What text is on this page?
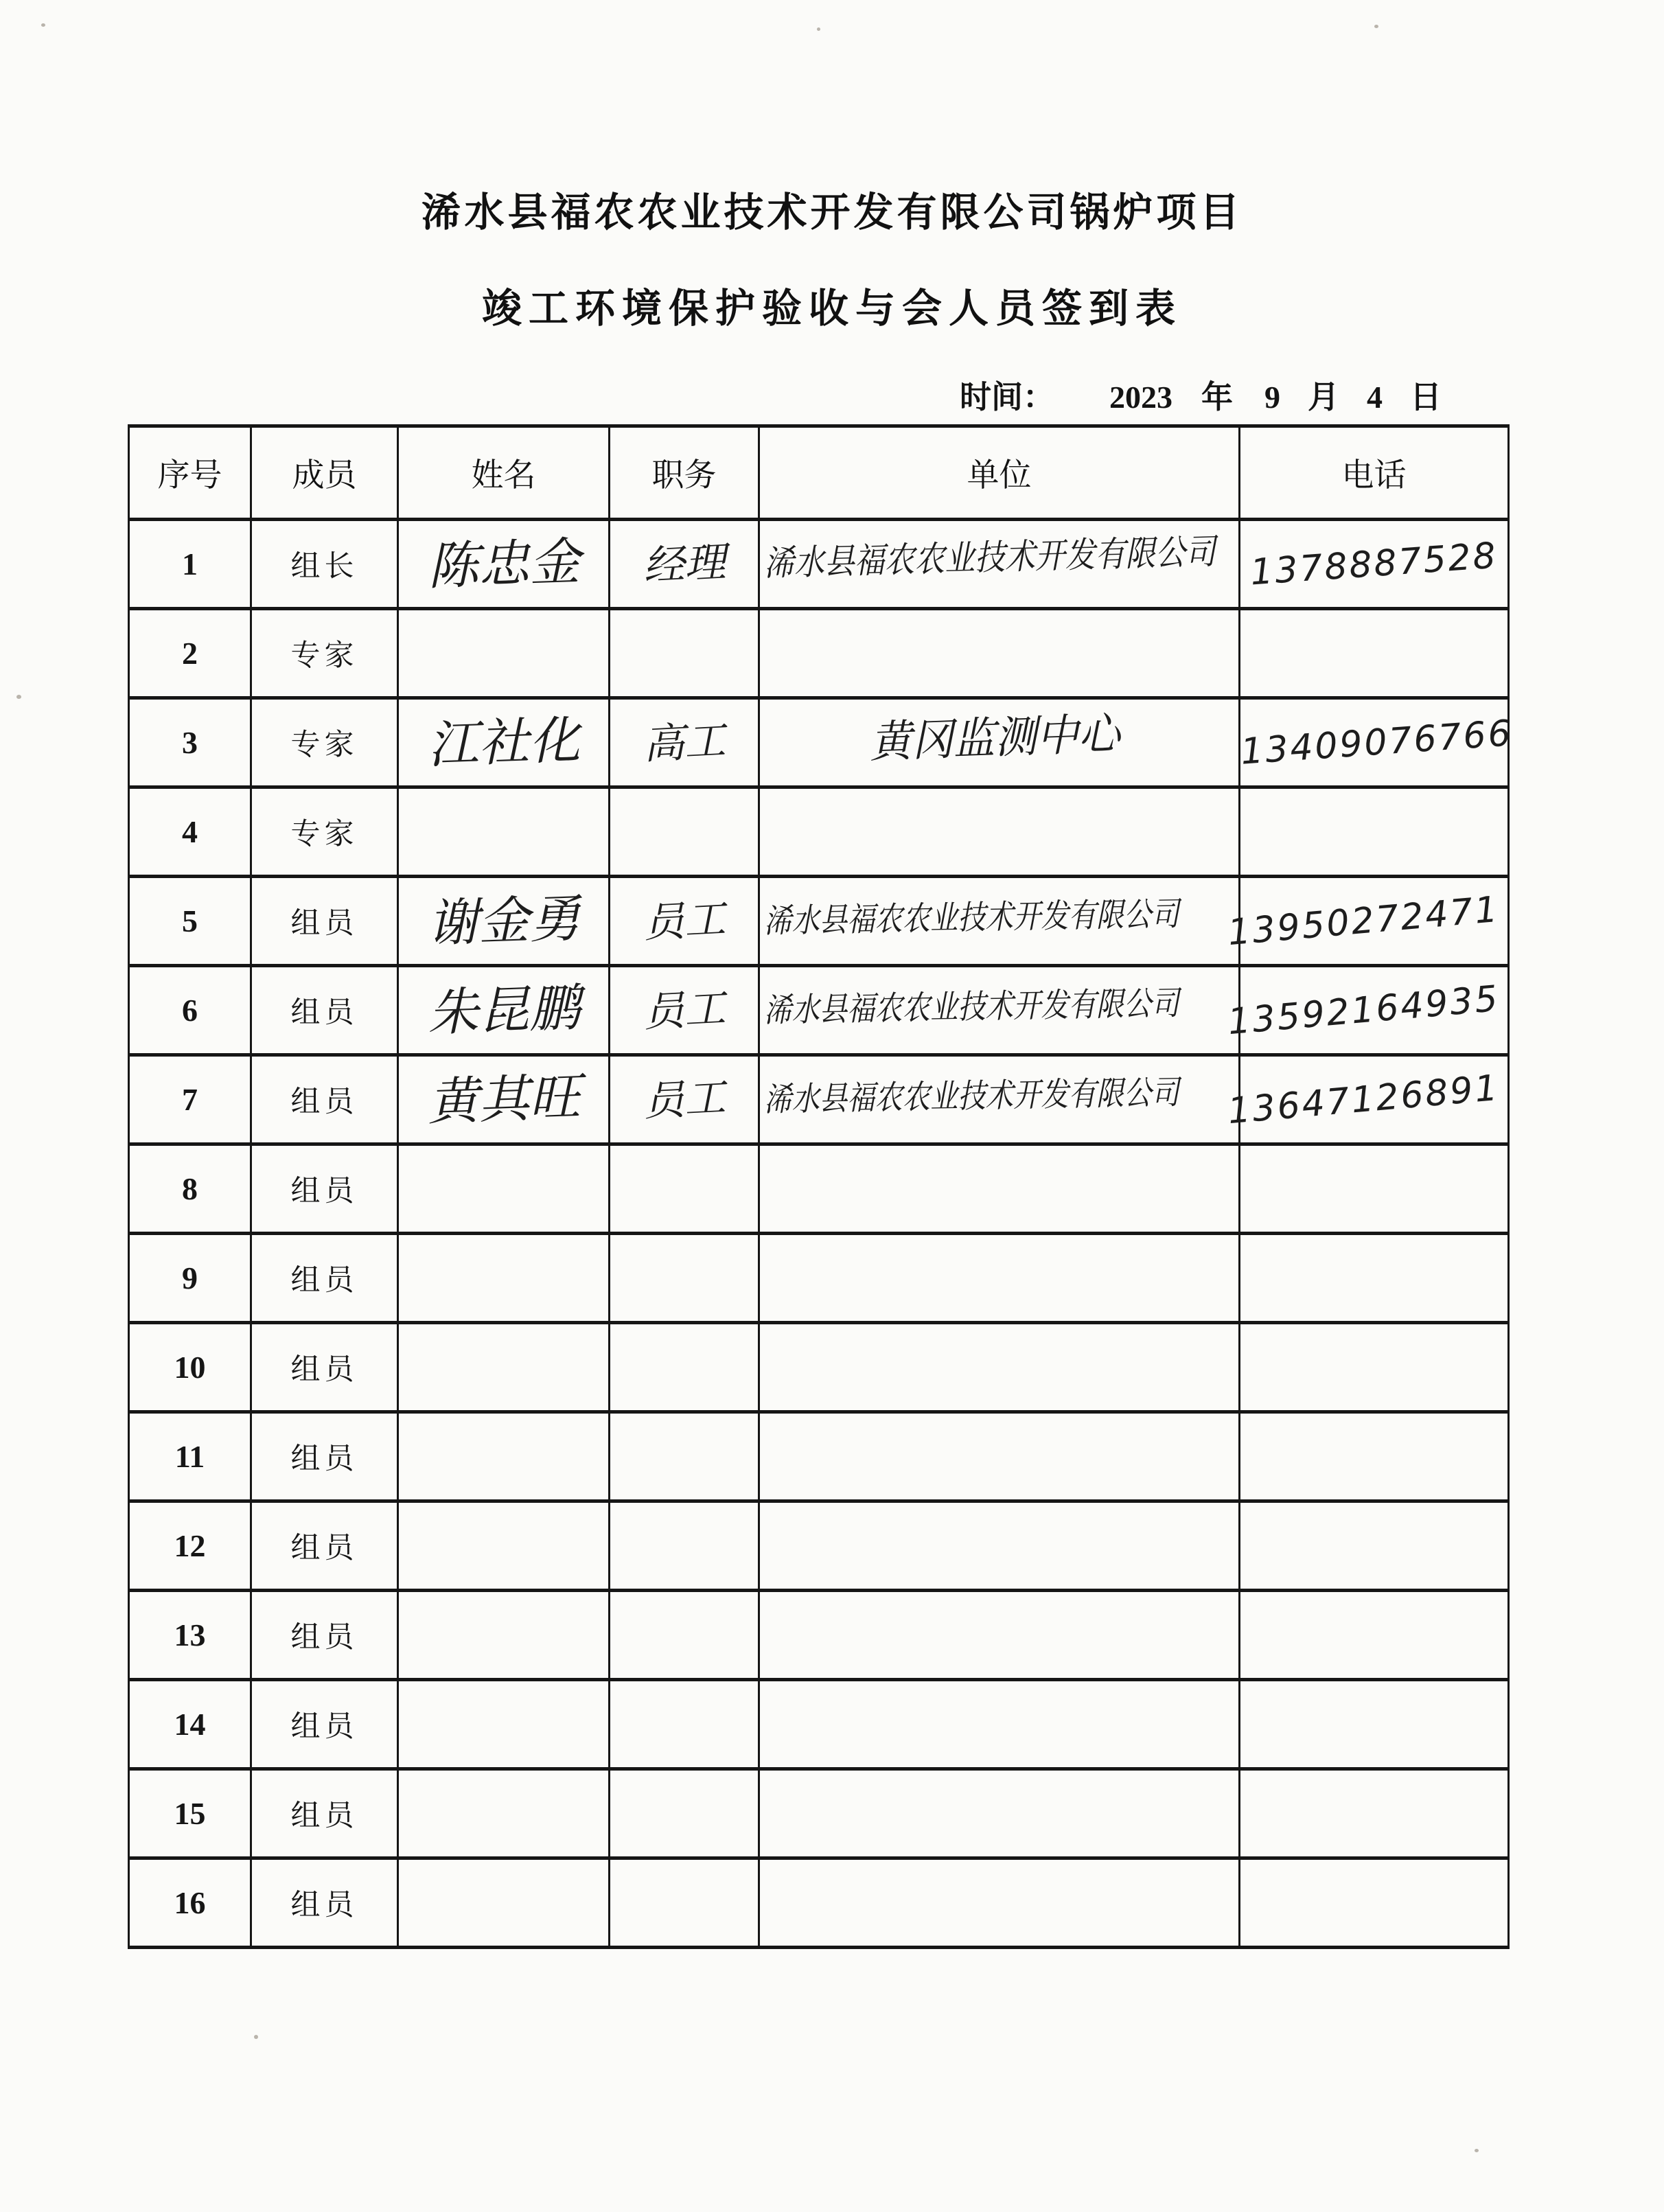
浠水县福农农业技术开发有限公司锅炉项目
竣工环境保护验收与会人员签到表
时间： 2023 年 9 月 4 日
序号	成员	姓名	职务	单位	电话
1	组长	陈忠金	经理	浠水县福农农业技术开发有限公司	1378887528
2	专家				
3	专家	江社化	高工	黄冈监测中心	13409076766
4	专家				
5	组员	谢金勇	员工	浠水县福农农业技术开发有限公司	13950272471
6	组员	朱昆鹏	员工	浠水县福农农业技术开发有限公司	13592164935
7	组员	黄其旺	员工	浠水县福农农业技术开发有限公司	13647126891
8	组员				
9	组员				
10	组员				
11	组员				
12	组员				
13	组员				
14	组员				
15	组员				
16	组员				
